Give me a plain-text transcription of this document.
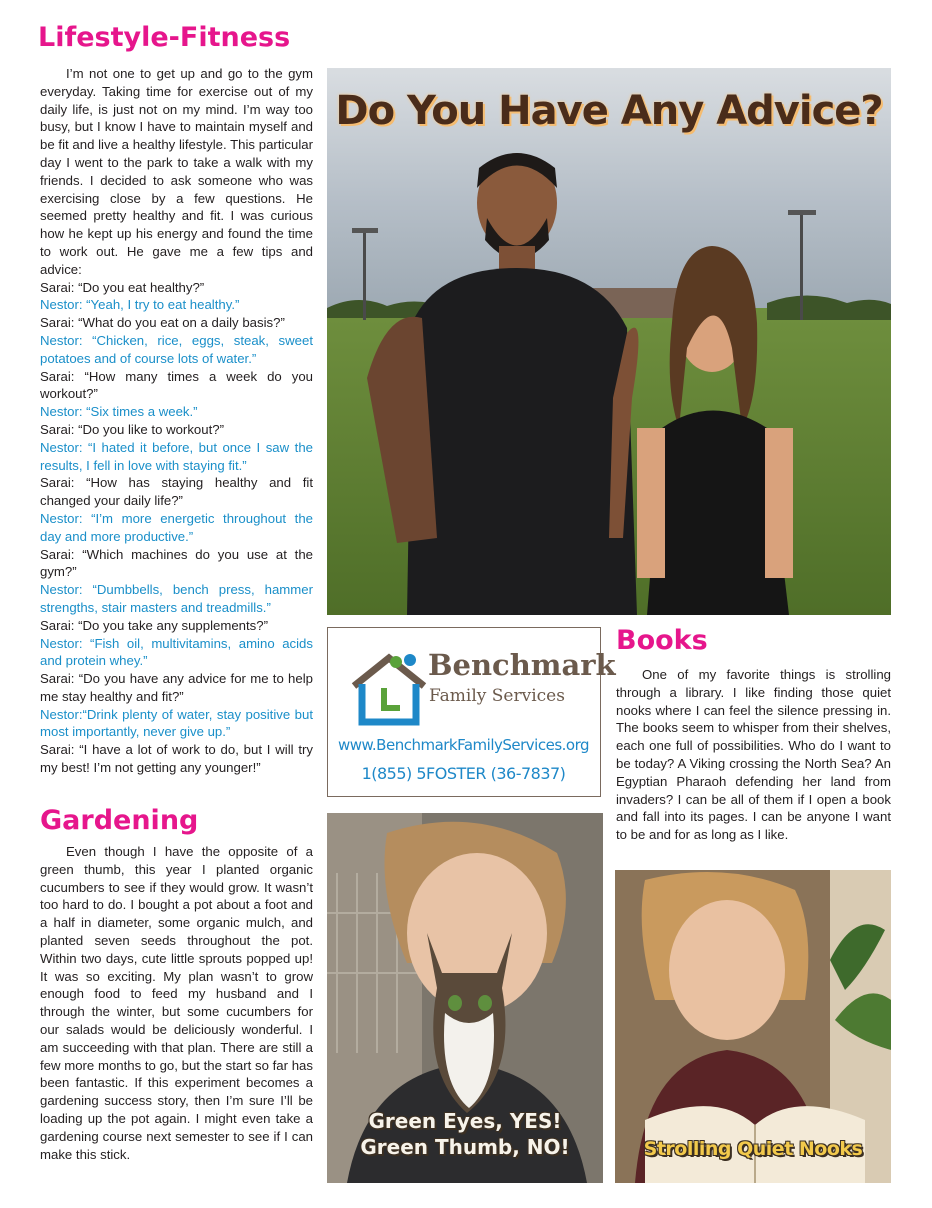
Lifestyle-Fitness

I’m not one to get up and go to the gym everyday. Taking time for exercise out of my daily life, is just not on my mind. I’m way too busy, but I know I have to maintain myself and be fit and live a healthy lifestyle. This particular day I went to the park to take a walk with my friends. I decided to ask someone who was exercising close by a few questions. He seemed pretty healthy and fit. I was curious how he kept up his energy and found the time to work out. He gave me a few tips and advice:

Sarai: “Do you eat healthy?”

Nestor: “Yeah, I try to eat healthy.”

Sarai: “What do you eat on a daily basis?”

Nestor: “Chicken, rice, eggs, steak, sweet potatoes and of course lots of water.”

Sarai: “How many times a week do you workout?”

Nestor: “Six times a week.”

Sarai: “Do you like to workout?”

Nestor: “I hated it before, but once I saw the results, I fell in love with staying fit.”

Sarai: “How has staying healthy and fit changed your daily life?”

Nestor: “I’m more energetic throughout the day and more productive.”

Sarai: “Which machines do you use at the gym?”

Nestor: “Dumbbells, bench press, hammer strengths, stair masters and treadmills.”

Sarai: “Do you take any supplements?”

Nestor: “Fish oil, multivitamins, amino acids and protein whey.”

Sarai: “Do you have any advice for me to help me stay healthy and fit?”

Nestor:“Drink plenty of water, stay positive but most importantly, never give up.”

Sarai: “I have a lot of work to do, but I will try my best! I’m not getting any younger!”

Gardening

Even though I have the opposite of a green thumb, this year I planted organic cucumbers to see if they would grow. It wasn’t too hard to do. I bought a pot about a foot and a half in diameter, some organic mulch, and planted seven seeds throughout the pot. Within two days, cute little sprouts popped up! It was so exciting. My plan wasn’t to grow enough food to feed my husband and I through the winter, but some cucumbers for our salads would be deliciously wonderful. I am succeeding with that plan. There are still a few more months to go, but the start so far has been fantastic. If this experiment becomes a gardening success story, then I’m sure I’ll be loading up the pot again. I might even take a gardening course next semester to see if I can make this stick.

Do You Have Any Advice?
Benchmark
Family Services
www.BenchmarkFamilyServices.org
1(855) 5FOSTER (36-7837)
Books

One of my favorite things is strolling through a library. I like finding those quiet nooks where I can feel the silence pressing in. The books seem to whisper from their shelves, each one full of possibilities. Who do I want to be today? A Viking crossing the North Sea? An Egyptian Pharaoh defending her land from invaders? I can be all of them if I open a book and fall into its pages. I can be anyone I want to be and for as long as I like.

Green Eyes, YES!
Green Thumb, NO!	Strolling Quiet Nooks
